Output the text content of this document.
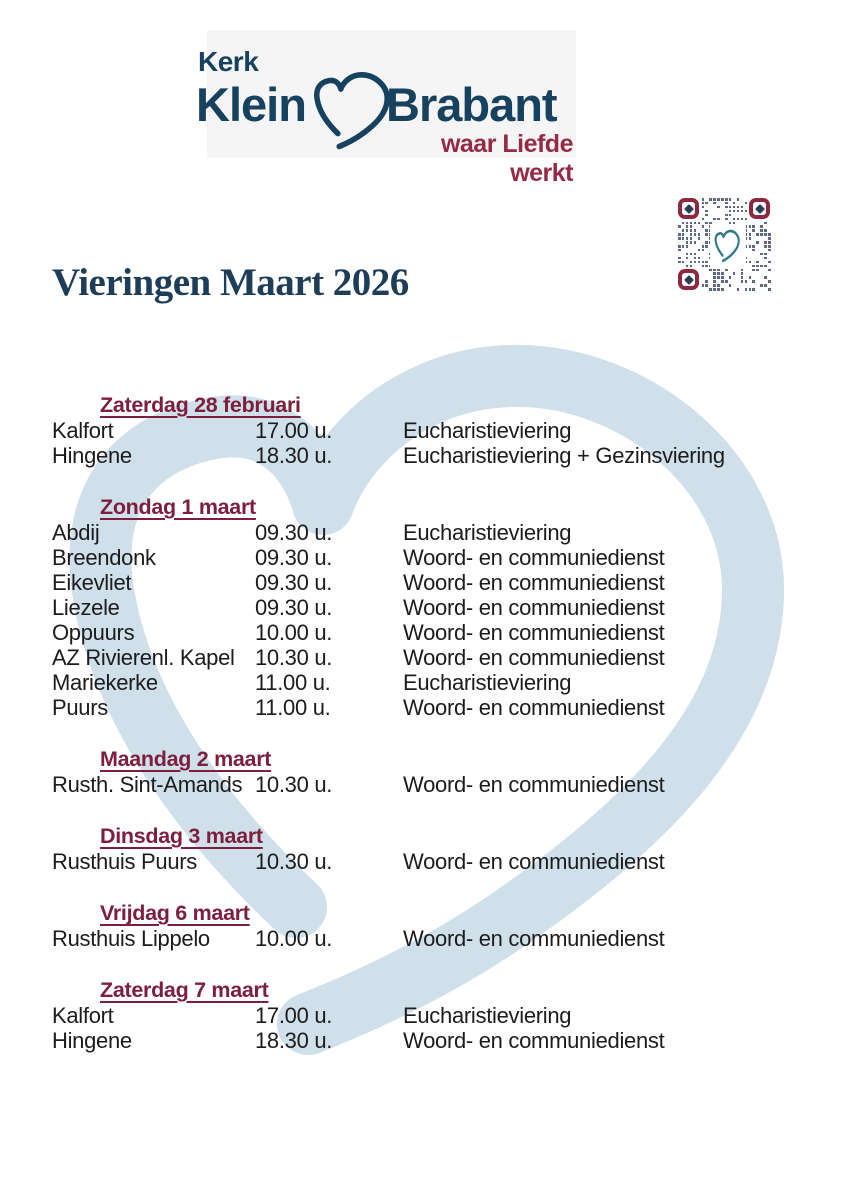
Kerk
Klein Brabant
waar Liefde werkt
Vieringen Maart 2026
Zaterdag 28 februari
Kalfort	17.00 u.	Eucharistieviering
Hingene	18.30 u.	Eucharistieviering + Gezinsviering
Zondag 1 maart
Abdij	09.30 u.	Eucharistieviering
Breendonk	09.30 u.	Woord- en communiedienst
Eikevliet	09.30 u.	Woord- en communiedienst
Liezele	09.30 u.	Woord- en communiedienst
Oppuurs	10.00 u.	Woord- en communiedienst
AZ Rivierenl. Kapel 10.30 u.	Woord- en communiedienst
Mariekerke	11.00 u.	Eucharistieviering
Puurs	11.00 u.	Woord- en communiedienst
Maandag 2 maart
Rusth. Sint-Amands 10.30 u.	Woord- en communiedienst
Dinsdag 3 maart
Rusthuis Puurs	10.30 u.	Woord- en communiedienst
Vrijdag 6 maart
Rusthuis Lippelo	10.00 u.	Woord- en communiedienst
Zaterdag 7 maart
Kalfort	17.00 u.	Eucharistieviering
Hingene	18.30 u.	Woord- en communiedienst
